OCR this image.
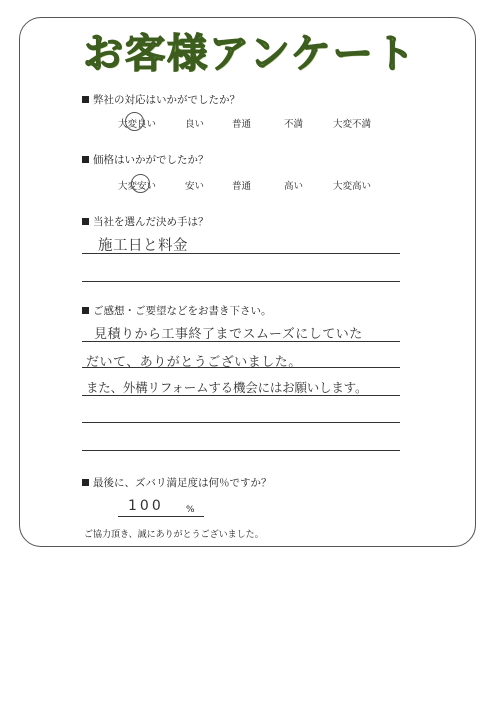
お客様アンケート
弊社の対応はいかがでしたか？
大変良い	良い	普通	不満	大変不満
価格はいかがでしたか？
大変安い	安い	普通	高い	大変高い
当社を選んだ決め手は？
施工日と料金
ご感想・ご要望などをお書き下さい。
見積りから工事終了までスムーズにしていた
だいて、ありがとうございました。
また、外構リフォームする機会にはお願いします。
最後に、ズバリ満足度は何％ですか？
100 %
ご協力頂き、誠にありがとうございました。
